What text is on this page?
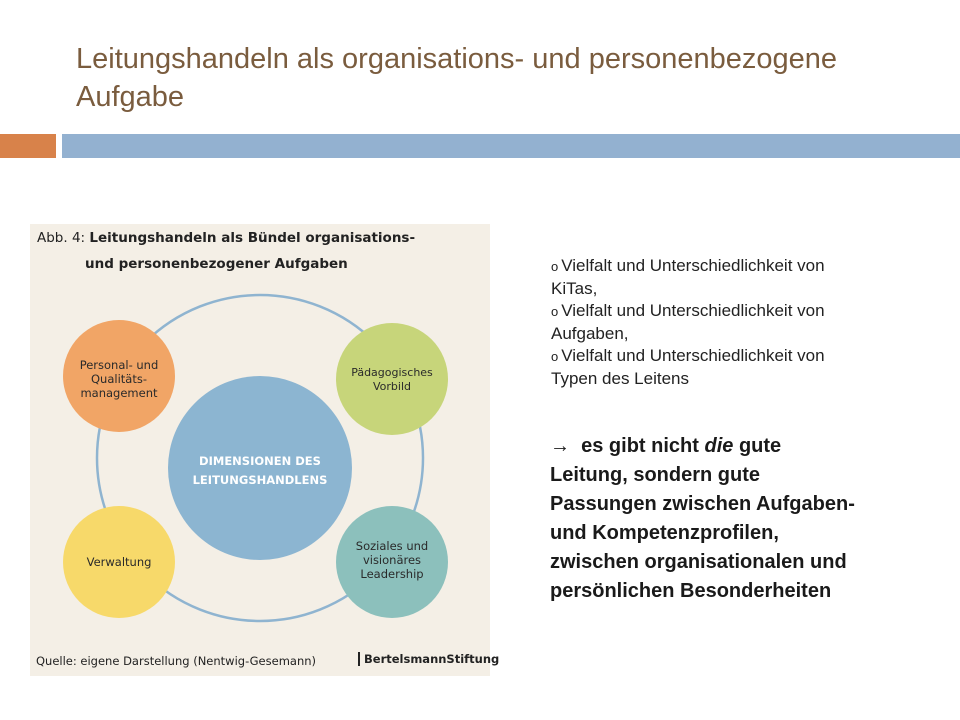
Leitungshandeln als organisations- und personenbezogene Aufgabe
Abb. 4: Leitungshandeln als Bündel organisations-
und personenbezogener Aufgaben
DIMENSIONEN DES
LEITUNGSHANDLENS
Personal- und
Qualitäts-
management
Pädagogisches
Vorbild
Verwaltung
Soziales und
visionäres
Leadership
Quelle: eigene Darstellung (Nentwig-Gesemann)	BertelsmannStiftung

o Vielfalt und Unterschiedlichkeit von
KiTas,

o Vielfalt und Unterschiedlichkeit von
Aufgaben,

o Vielfalt und Unterschiedlichkeit von
Typen des Leitens

→ es gibt nicht die gute
Leitung, sondern gute
Passungen zwischen Aufgaben-
und Kompetenzprofilen,
zwischen organisationalen und
persönlichen Besonderheiten
